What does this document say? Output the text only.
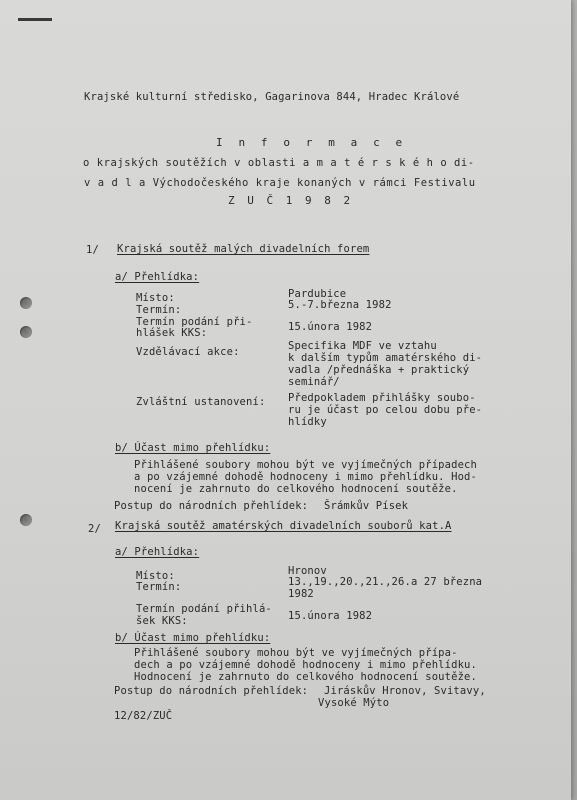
Krajské kulturní středisko, Gagarinova 844, Hradec Králové

I n f o r m a c e

o krajských soutěžích v oblasti a m a t é r s k é h o di-

v a d l a Východočeského kraje konaných v rámci Festivalu

Z U Č 1 9 8 2

1/ Krajská soutěž malých divadelních forem

a/ Přehlídka:

Místo:	Pardubice

Termín:	5.-7.března 1982

Termín podání při-

hlášek KKS:	15.února 1982

Vzdělávací akce:	Specifika MDF ve vztahu

k dalším typům amatérského di-

vadla /přednáška + praktický

seminář/

Zvláštní ustanovení: Předpokladem přihlášky soubo-

ru je účast po celou dobu pře-

hlídky

b/ Účast mimo přehlídku:

Přihlášené soubory mohou být ve vyjímečných případech

a po vzájemné dohodě hodnoceny i mimo přehlídku. Hod-

nocení je zahrnuto do celkového hodnocení soutěže.

Postup do národních přehlídek: Šrámkův Písek

2/ Krajská soutěž amatérských divadelních souborů kat.A

a/ Přehlídka:

Místo:	Hronov

Termín:	13.,19.,20.,21.,26.a 27 března

1982

Termín podání přihlá-

šek KKS:	15.února 1982

b/ Účast mimo přehlídku:

Přihlášené soubory mohou být ve vyjímečných přípa-

dech a po vzájemné dohodě hodnoceny i mimo přehlídku.

Hodnocení je zahrnuto do celkového hodnocení soutěže.

Postup do národních přehlídek: Jiráskův Hronov, Svitavy,

Vysoké Mýto

12/82/ZUČ
